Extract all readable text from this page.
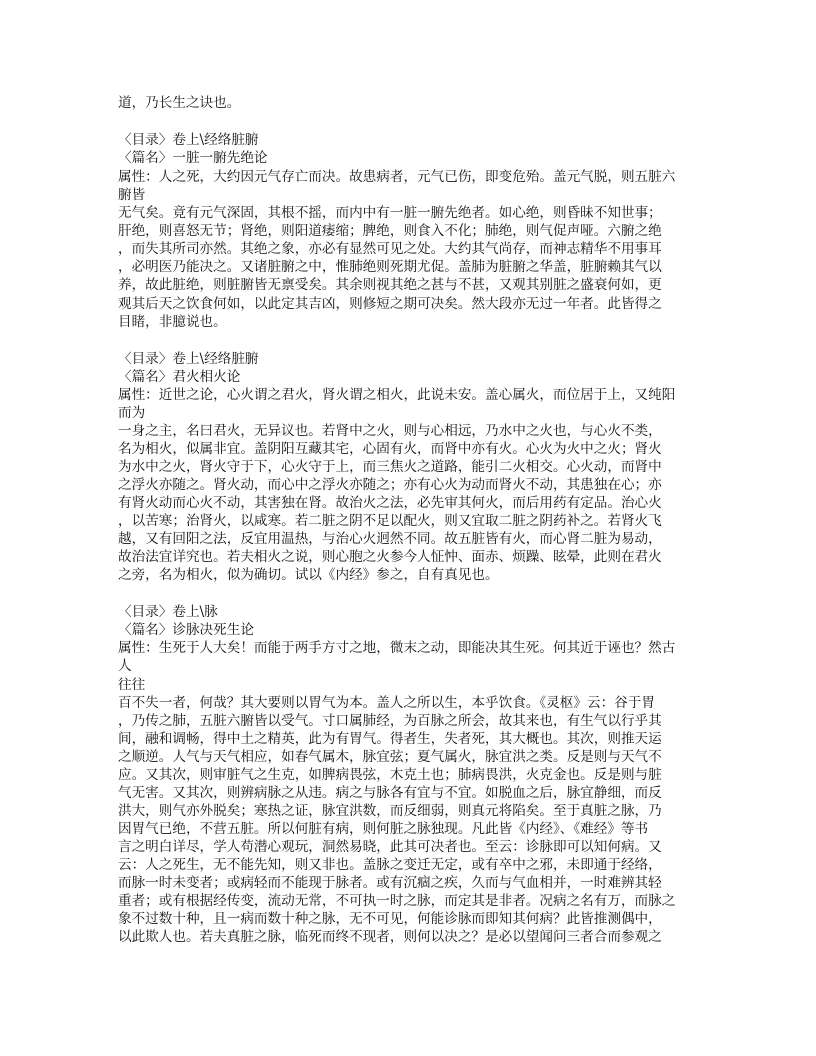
道，乃长生之诀也。
〈目录〉卷上\经络脏腑
〈篇名〉一脏一腑先绝论
属性：人之死，大约因元气存亡而决。故患病者，元气已伤，即变危殆。盖元气脱，则五脏六
腑皆
无气矣。竟有元气深固，其根不摇，而内中有一脏一腑先绝者。如心绝，则昏昧不知世事；
肝绝，则喜怒无节；肾绝，则阳道痿缩；脾绝，则食入不化；肺绝，则气促声哑。六腑之绝
，而失其所司亦然。其绝之象，亦必有显然可见之处。大约其气尚存，而神志精华不用事耳
，必明医乃能决之。又诸脏腑之中，惟肺绝则死期尤促。盖肺为脏腑之华盖，脏腑赖其气以
养，故此脏绝，则脏腑皆无禀受矣。其余则视其绝之甚与不甚，又观其别脏之盛衰何如，更
观其后天之饮食何如，以此定其吉凶，则修短之期可决矣。然大段亦无过一年者。此皆得之
目睹，非臆说也。
〈目录〉卷上\经络脏腑
〈篇名〉君火相火论
属性：近世之论，心火谓之君火，肾火谓之相火，此说未安。盖心属火，而位居于上，又纯阳
而为
一身之主，名曰君火，无异议也。若肾中之火，则与心相远，乃水中之火也，与心火不类，
名为相火，似属非宜。盖阴阳互藏其宅，心固有火，而肾中亦有火。心火为火中之火；肾火
为水中之火，肾火守于下，心火守于上，而三焦火之道路，能引二火相交。心火动，而肾中
之浮火亦随之。肾火动，而心中之浮火亦随之；亦有心火为动而肾火不动，其患独在心；亦
有肾火动而心火不动，其害独在肾。故治火之法，必先审其何火，而后用药有定品。治心火
，以苦寒；治肾火，以咸寒。若二脏之阴不足以配火，则又宜取二脏之阴药补之。若肾火飞
越，又有回阳之法，反宜用温热，与治心火迥然不同。故五脏皆有火，而心肾二脏为易动，
故治法宜详究也。若夫相火之说，则心胞之火参今人怔忡、面赤、烦躁、眩晕，此则在君火
之旁，名为相火，似为确切。试以《内经》参之，自有真见也。
〈目录〉卷上\脉
〈篇名〉诊脉决死生论
属性：生死于人大矣！而能于两手方寸之地，微末之动，即能决其生死。何其近于诬也？然古
人
往往
百不失一者，何哉？其大要则以胃气为本。盖人之所以生，本乎饮食。《灵枢》云：谷于胃
，乃传之肺，五脏六腑皆以受气。寸口属肺经，为百脉之所会，故其来也，有生气以行乎其
间，融和调畅，得中土之精英，此为有胃气。得者生，失者死，其大概也。其次，则推天运
之顺逆。人气与天气相应，如春气属木，脉宜弦；夏气属火，脉宜洪之类。反是则与天气不
应。又其次，则审脏气之生克，如脾病畏弦，木克土也；肺病畏洪，火克金也。反是则与脏
气无害。又其次，则辨病脉之从违。病之与脉各有宜与不宜。如脱血之后，脉宜静细，而反
洪大，则气亦外脱矣；寒热之证，脉宜洪数，而反细弱，则真元将陷矣。至于真脏之脉，乃
因胃气已绝，不营五脏。所以何脏有病，则何脏之脉独现。凡此皆《内经》、《难经》等书
言之明白详尽，学人苟潜心观玩，洞然易晓，此其可决者也。至云：诊脉即可以知何病。又
云：人之死生，无不能先知，则又非也。盖脉之变迁无定，或有卒中之邪，未即通于经络，
而脉一时未变者；或病轻而不能现于脉者。或有沉痼之疾，久而与气血相并，一时难辨其轻
重者；或有根据经传变，流动无常，不可执一时之脉，而定其是非者。况病之名有万，而脉之
象不过数十种，且一病而数十种之脉，无不可见，何能诊脉而即知其何病？此皆推测偶中，
以此欺人也。若夫真脏之脉，临死而终不现者，则何以决之？是必以望闻问三者合而参观之
